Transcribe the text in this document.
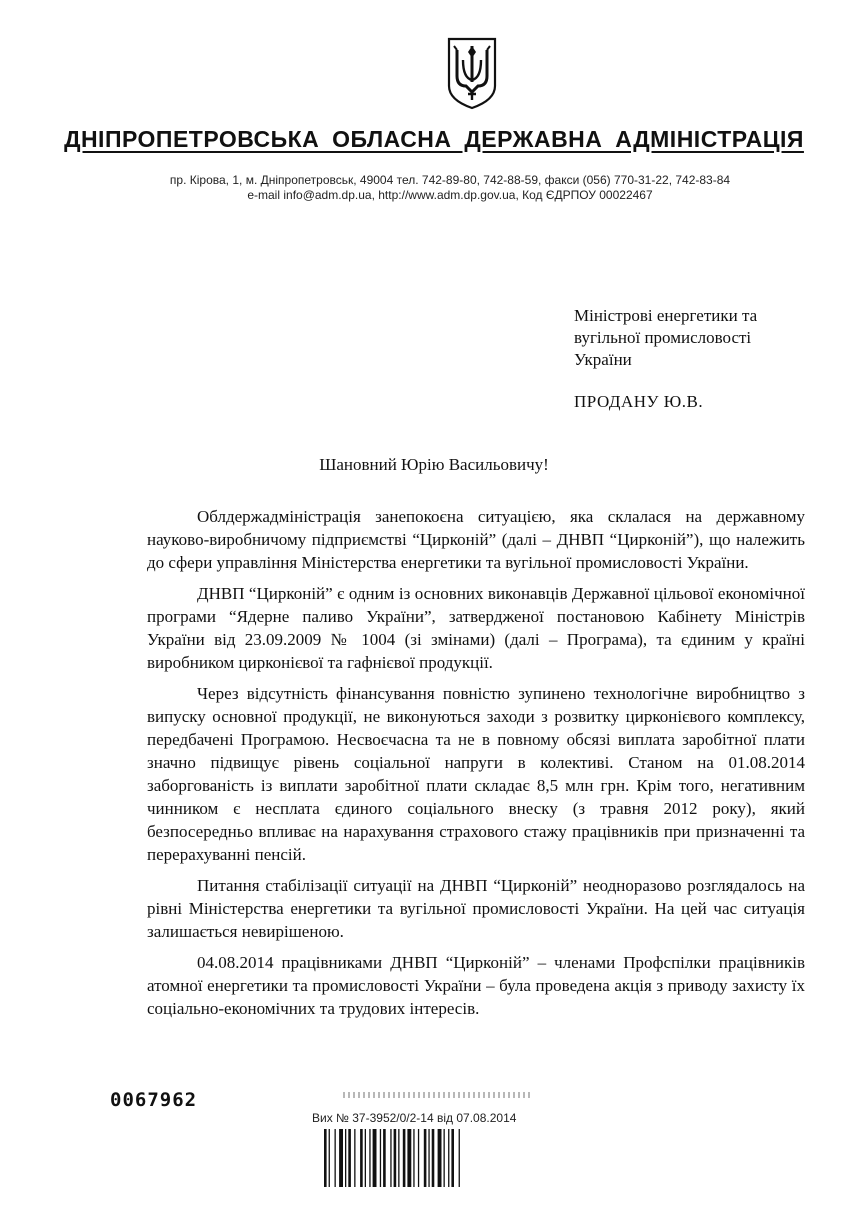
ДНІПРОПЕТРОВСЬКА ОБЛАСНА ДЕРЖАВНА АДМІНІСТРАЦІЯ
пр. Кірова, 1, м. Дніпропетровськ, 49004 тел. 742-89-80, 742-88-59, факси (056) 770-31-22, 742-83-84
e-mail info@adm.dp.ua, http://www.adm.dp.gov.ua, Код ЄДРПОУ 00022467
Міністрові енергетики та
вугільної промисловості
України
ПРОДАНУ Ю.В.
Шановний Юрію Васильовичу!

Облдержадміністрація занепокоєна ситуацією, яка склалася на державному науково-виробничому підприємстві “Цирконій” (далі – ДНВП “Цирконій”), що належить до сфери управління Міністерства енергетики та вугільної промисловості України.

ДНВП “Цирконій” є одним із основних виконавців Державної цільової економічної програми “Ядерне паливо України”, затвердженої постановою Кабінету Міністрів України від 23.09.2009 № 1004 (зі змінами) (далі – Програма), та єдиним у країні виробником цирконієвої та гафнієвої продукції.

Через відсутність фінансування повністю зупинено технологічне виробництво з випуску основної продукції, не виконуються заходи з розвитку цирконієвого комплексу, передбачені Програмою. Несвоєчасна та не в повному обсязі виплата заробітної плати значно підвищує рівень соціальної напруги в колективі. Станом на 01.08.2014 заборгованість із виплати заробітної плати складає 8,5 млн грн. Крім того, негативним чинником є несплата єдиного соціального внеску (з травня 2012 року), який безпосередньо впливає на нарахування страхового стажу працівників при призначенні та перерахуванні пенсій.

Питання стабілізації ситуації на ДНВП “Цирконій” неодноразово розглядалось на рівні Міністерства енергетики та вугільної промисловості України. На цей час ситуація залишається невирішеною.

04.08.2014 працівниками ДНВП “Цирконій” – членами Профспілки працівників атомної енергетики та промисловості України – була проведена акція з приводу захисту їх соціально-економічних та трудових інтересів.

0067962
Вих № 37-3952/0/2-14 від 07.08.2014
